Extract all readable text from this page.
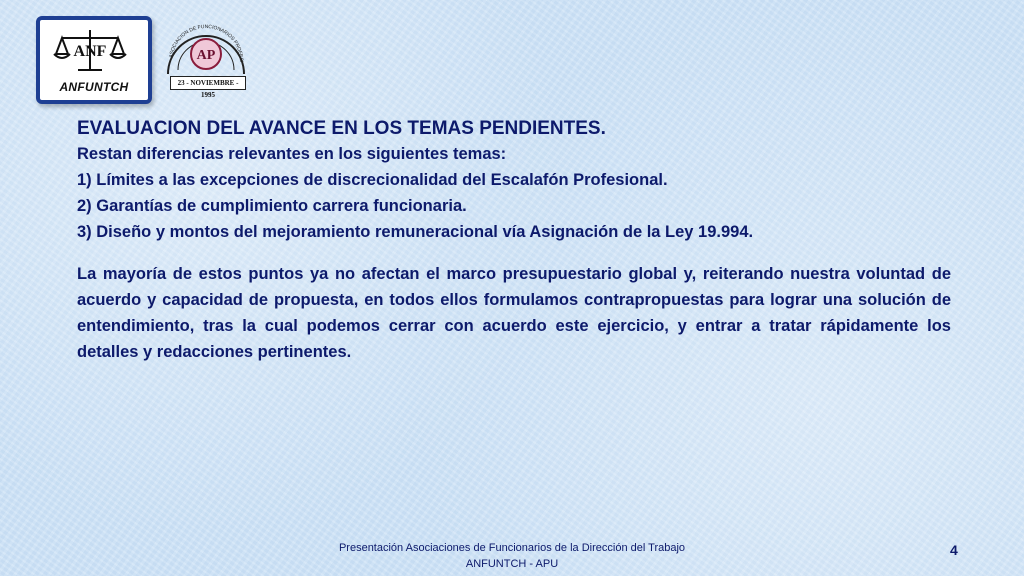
ANF
ANFUNTCH
AP
ASOCIACION DE FUNCIONARIOS PROFESI
23 - NOVIEMBRE - 1995

EVALUACION DEL AVANCE EN LOS TEMAS PENDIENTES.

Restan diferencias relevantes en los siguientes temas:

1) Límites a las excepciones de discrecionalidad del Escalafón Profesional.

2) Garantías de cumplimiento carrera funcionaria.

3) Diseño y montos del mejoramiento remuneracional vía Asignación de la Ley 19.994.

La mayoría de estos puntos ya no afectan el marco presupuestario global y, reiterando nuestra voluntad de acuerdo y capacidad de propuesta, en todos ellos formulamos contrapropuestas para lograr una solución de entendimiento, tras la cual podemos cerrar con acuerdo este ejercicio, y entrar a tratar rápidamente los detalles y redacciones pertinentes.

Presentación Asociaciones de Funcionarios de la Dirección del Trabajo
ANFUNTCH - APU
4
